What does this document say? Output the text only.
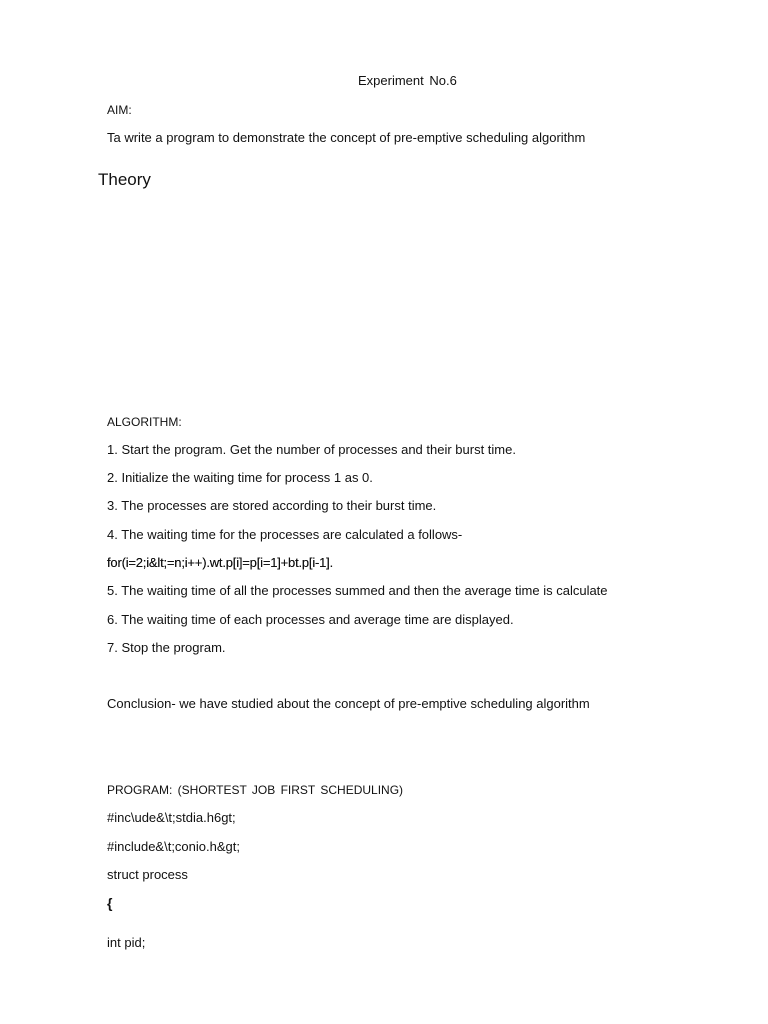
Experiment No.6
AIM:
Ta write a program to demonstrate the concept of pre-emptive scheduling algorithm
Theory
ALGORITHM:
1. Start the program. Get the number of processes and their burst time.
2. Initialize the waiting time for process 1 as 0.
3. The processes are stored according to their burst time.
4. The waiting time for the processes are calculated a follows-
for(i=2;i&lt;=n;i++).wt.p[i]=p[i=1]+bt.p[i-1].
5. The waiting time of all the processes summed and then the average time is calculate
6. The waiting time of each processes and average time are displayed.
7. Stop the program.
Conclusion- we have studied about the concept of pre-emptive scheduling algorithm
PROGRAM: (SHORTEST JOB FIRST SCHEDULING)
#inc\ude&\t;stdia.h6gt;
#include&\t;conio.h&gt;
struct process
{
int pid;
